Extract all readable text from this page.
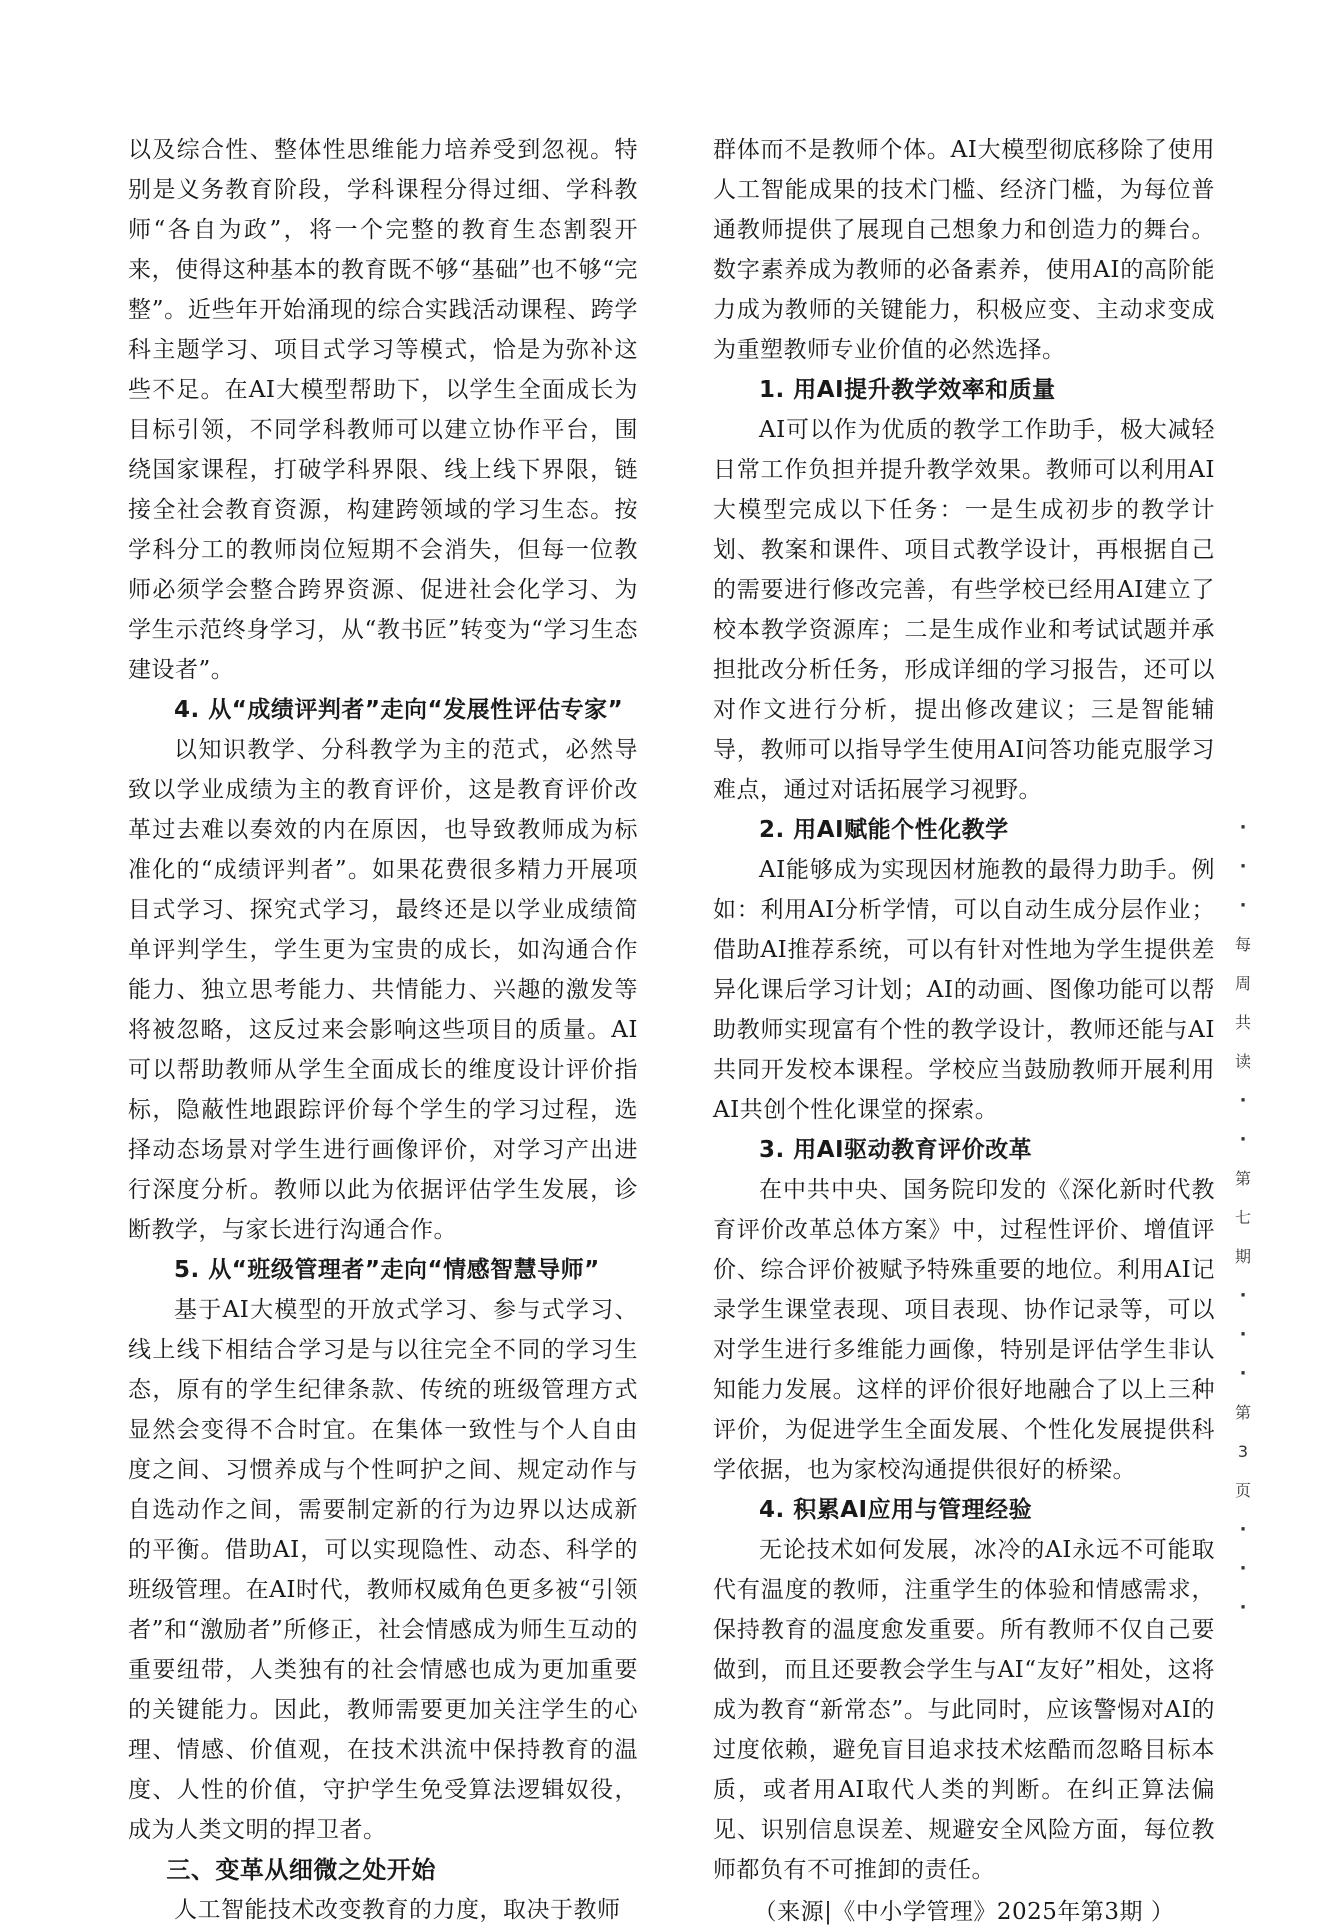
以及综合性、整体性思维能力培养受到忽视。特别是义务教育阶段，学科课程分得过细、学科教师“各自为政”，将一个完整的教育生态割裂开来，使得这种基本的教育既不够“基础”也不够“完整”。近些年开始涌现的综合实践活动课程、跨学科主题学习、项目式学习等模式，恰是为弥补这些不足。在AI大模型帮助下，以学生全面成长为目标引领，不同学科教师可以建立协作平台，围绕国家课程，打破学科界限、线上线下界限，链接全社会教育资源，构建跨领域的学习生态。按学科分工的教师岗位短期不会消失，但每一位教师必须学会整合跨界资源、促进社会化学习、为学生示范终身学习，从“教书匠”转变为“学习生态建设者”。

4. 从“成绩评判者”走向“发展性评估专家”

以知识教学、分科教学为主的范式，必然导致以学业成绩为主的教育评价，这是教育评价改革过去难以奏效的内在原因，也导致教师成为标准化的“成绩评判者”。如果花费很多精力开展项目式学习、探究式学习，最终还是以学业成绩简单评判学生，学生更为宝贵的成长，如沟通合作能力、独立思考能力、共情能力、兴趣的激发等将被忽略，这反过来会影响这些项目的质量。AI可以帮助教师从学生全面成长的维度设计评价指标，隐蔽性地跟踪评价每个学生的学习过程，选择动态场景对学生进行画像评价，对学习产出进行深度分析。教师以此为依据评估学生发展，诊断教学，与家长进行沟通合作。

5. 从“班级管理者”走向“情感智慧导师”

基于AI大模型的开放式学习、参与式学习、线上线下相结合学习是与以往完全不同的学习生态，原有的学生纪律条款、传统的班级管理方式显然会变得不合时宜。在集体一致性与个人自由度之间、习惯养成与个性呵护之间、规定动作与自选动作之间，需要制定新的行为边界以达成新的平衡。借助AI，可以实现隐性、动态、科学的班级管理。在AI时代，教师权威角色更多被“引领者”和“激励者”所修正，社会情感成为师生互动的重要纽带，人类独有的社会情感也成为更加重要的关键能力。因此，教师需要更加关注学生的心理、情感、价值观，在技术洪流中保持教育的温度、人性的价值，守护学生免受算法逻辑奴役，成为人类文明的捍卫者。

三、变革从细微之处开始

人工智能技术改变教育的力度，取决于教师

群体而不是教师个体。AI大模型彻底移除了使用人工智能成果的技术门槛、经济门槛，为每位普通教师提供了展现自己想象力和创造力的舞台。数字素养成为教师的必备素养，使用AI的高阶能力成为教师的关键能力，积极应变、主动求变成为重塑教师专业价值的必然选择。

1. 用AI提升教学效率和质量

AI可以作为优质的教学工作助手，极大减轻日常工作负担并提升教学效果。教师可以利用AI大模型完成以下任务：一是生成初步的教学计划、教案和课件、项目式教学设计，再根据自己的需要进行修改完善，有些学校已经用AI建立了校本教学资源库；二是生成作业和考试试题并承担批改分析任务，形成详细的学习报告，还可以对作文进行分析，提出修改建议；三是智能辅导，教师可以指导学生使用AI问答功能克服学习难点，通过对话拓展学习视野。

2. 用AI赋能个性化教学

AI能够成为实现因材施教的最得力助手。例如：利用AI分析学情，可以自动生成分层作业；借助AI推荐系统，可以有针对性地为学生提供差异化课后学习计划；AI的动画、图像功能可以帮助教师实现富有个性的教学设计，教师还能与AI共同开发校本课程。学校应当鼓励教师开展利用AI共创个性化课堂的探索。

3. 用AI驱动教育评价改革

在中共中央、国务院印发的《深化新时代教育评价改革总体方案》中，过程性评价、增值评价、综合评价被赋予特殊重要的地位。利用AI记录学生课堂表现、项目表现、协作记录等，可以对学生进行多维能力画像，特别是评估学生非认知能力发展。这样的评价很好地融合了以上三种评价，为促进学生全面发展、个性化发展提供科学依据，也为家校沟通提供很好的桥梁。

4. 积累AI应用与管理经验

无论技术如何发展，冰冷的AI永远不可能取代有温度的教师，注重学生的体验和情感需求，保持教育的温度愈发重要。所有教师不仅自己要做到，而且还要教会学生与AI“友好”相处，这将成为教育“新常态”。与此同时，应该警惕对AI的过度依赖，避免盲目追求技术炫酷而忽略目标本质，或者用AI取代人类的判断。在纠正算法偏见、识别信息误差、规避安全风险方面，每位教师都负有不可推卸的责任。

（来源|《中小学管理》2025年第3期 ）

·
·
·
每
周
共
读
·
·
第
七
期
·
·
·
第
3
页
·
·
·
